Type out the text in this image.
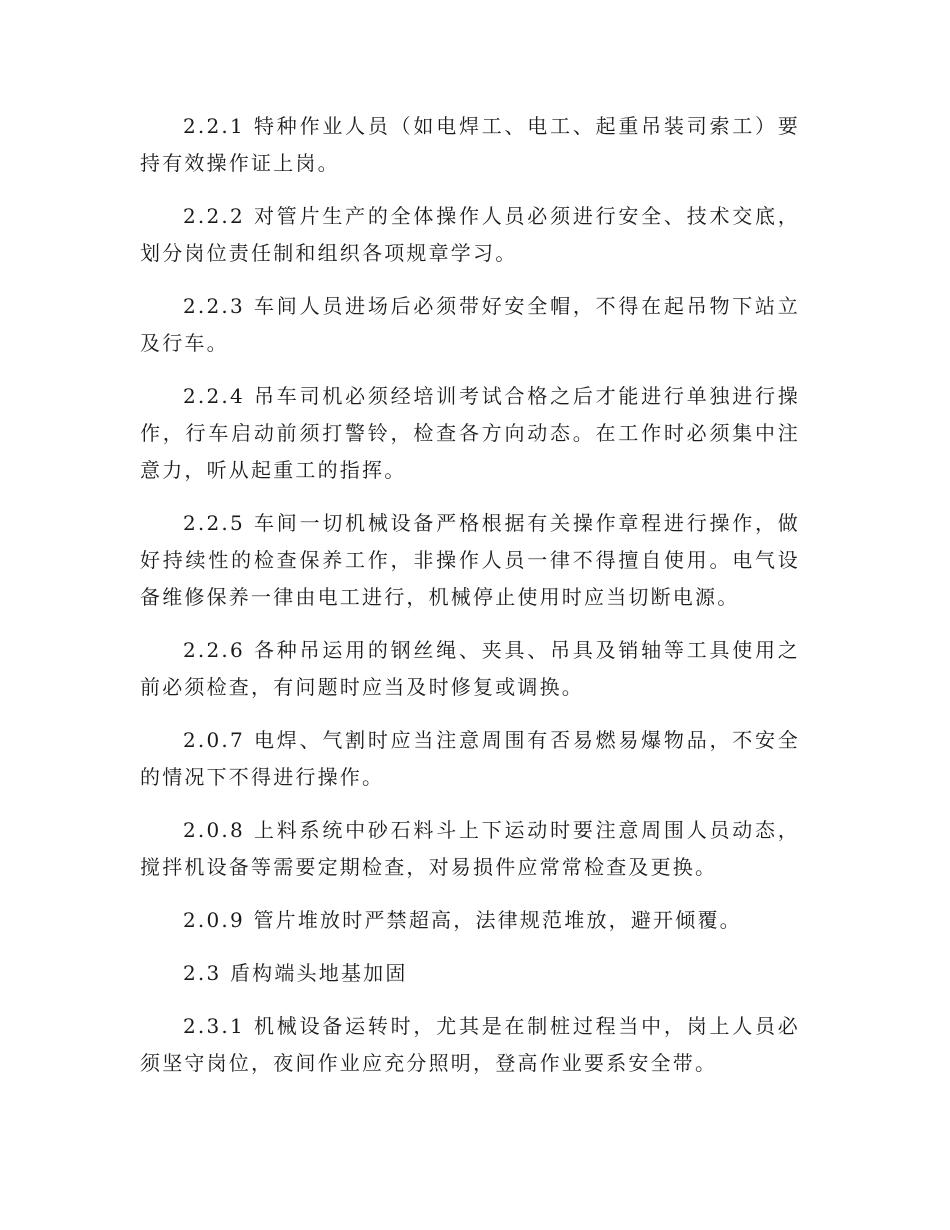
2.2.1 特种作业人员（如电焊工、电工、起重吊装司索工）要持有效操作证上岗。

2.2.2 对管片生产的全体操作人员必须进行安全、技术交底，划分岗位责任制和组织各项规章学习。

2.2.3 车间人员进场后必须带好安全帽，不得在起吊物下站立及行车。

2.2.4 吊车司机必须经培训考试合格之后才能进行单独进行操作，行车启动前须打警铃，检查各方向动态。在工作时必须集中注意力，听从起重工的指挥。

2.2.5 车间一切机械设备严格根据有关操作章程进行操作，做好持续性的检查保养工作，非操作人员一律不得擅自使用。电气设备维修保养一律由电工进行，机械停止使用时应当切断电源。

2.2.6 各种吊运用的钢丝绳、夹具、吊具及销轴等工具使用之前必须检查，有问题时应当及时修复或调换。

2.0.7 电焊、气割时应当注意周围有否易燃易爆物品，不安全的情况下不得进行操作。

2.0.8 上料系统中砂石料斗上下运动时要注意周围人员动态，搅拌机设备等需要定期检查，对易损件应常常检查及更换。

2.0.9 管片堆放时严禁超高，法律规范堆放，避开倾覆。

2.3 盾构端头地基加固

2.3.1 机械设备运转时，尤其是在制桩过程当中，岗上人员必须坚守岗位，夜间作业应充分照明，登高作业要系安全带。
